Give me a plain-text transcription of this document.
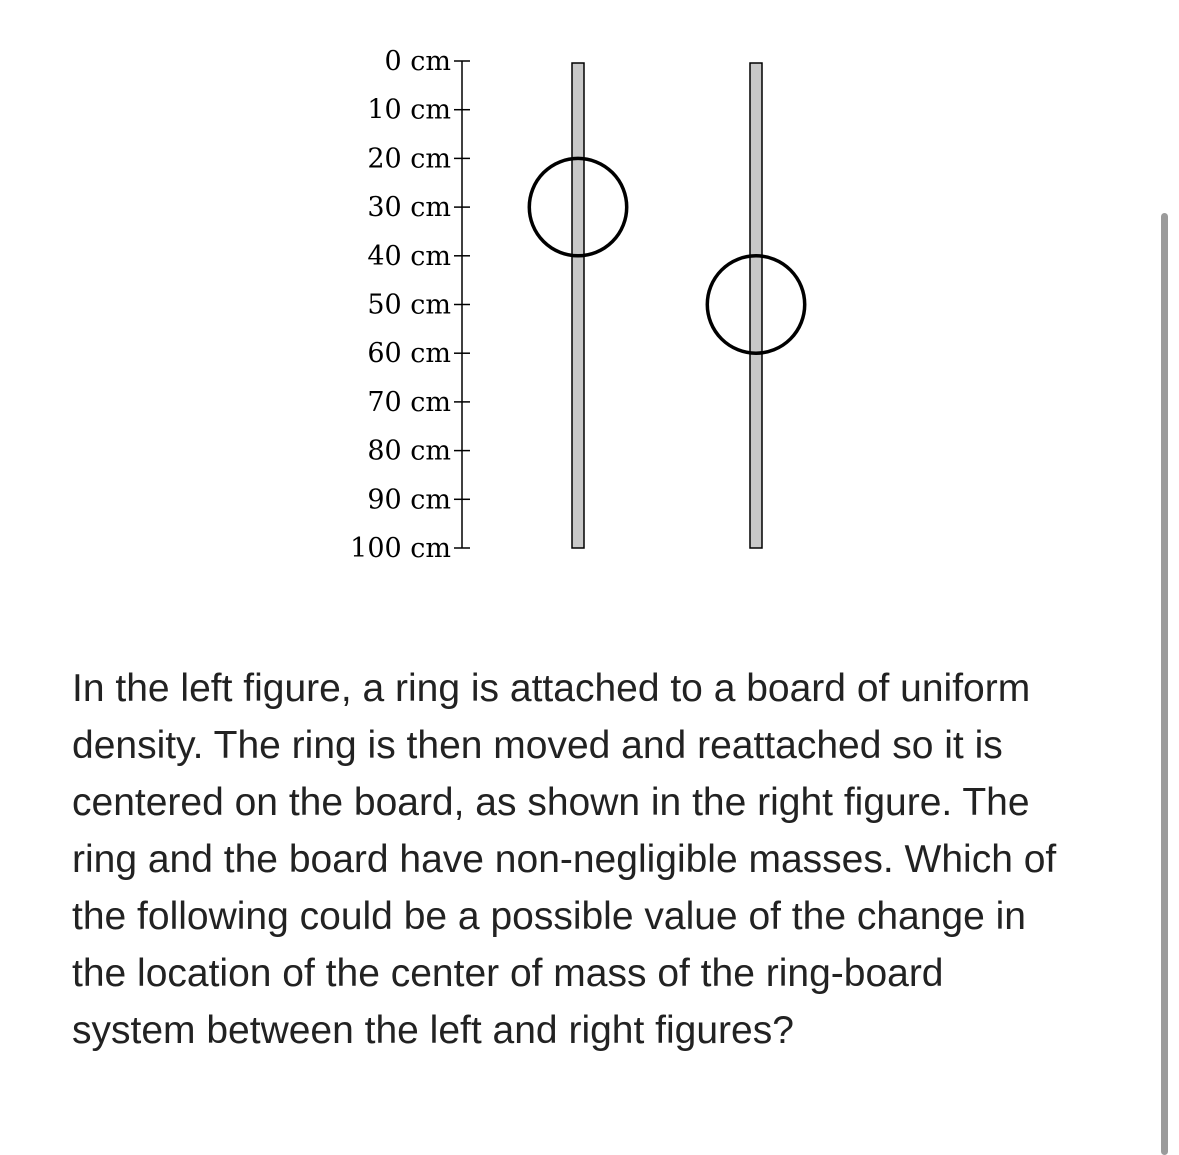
0 cm
10 cm
20 cm
30 cm
40 cm
50 cm
60 cm
70 cm
80 cm
90 cm
100 cm

In the left figure, a ring is attached to a board of uniform density. The ring is then moved and reattached so it is centered on the board, as shown in the right figure. The ring and the board have non-negligible masses. Which of the following could be a possible value of the change in the location of the center of mass of the ring-board system between the left and right figures?
